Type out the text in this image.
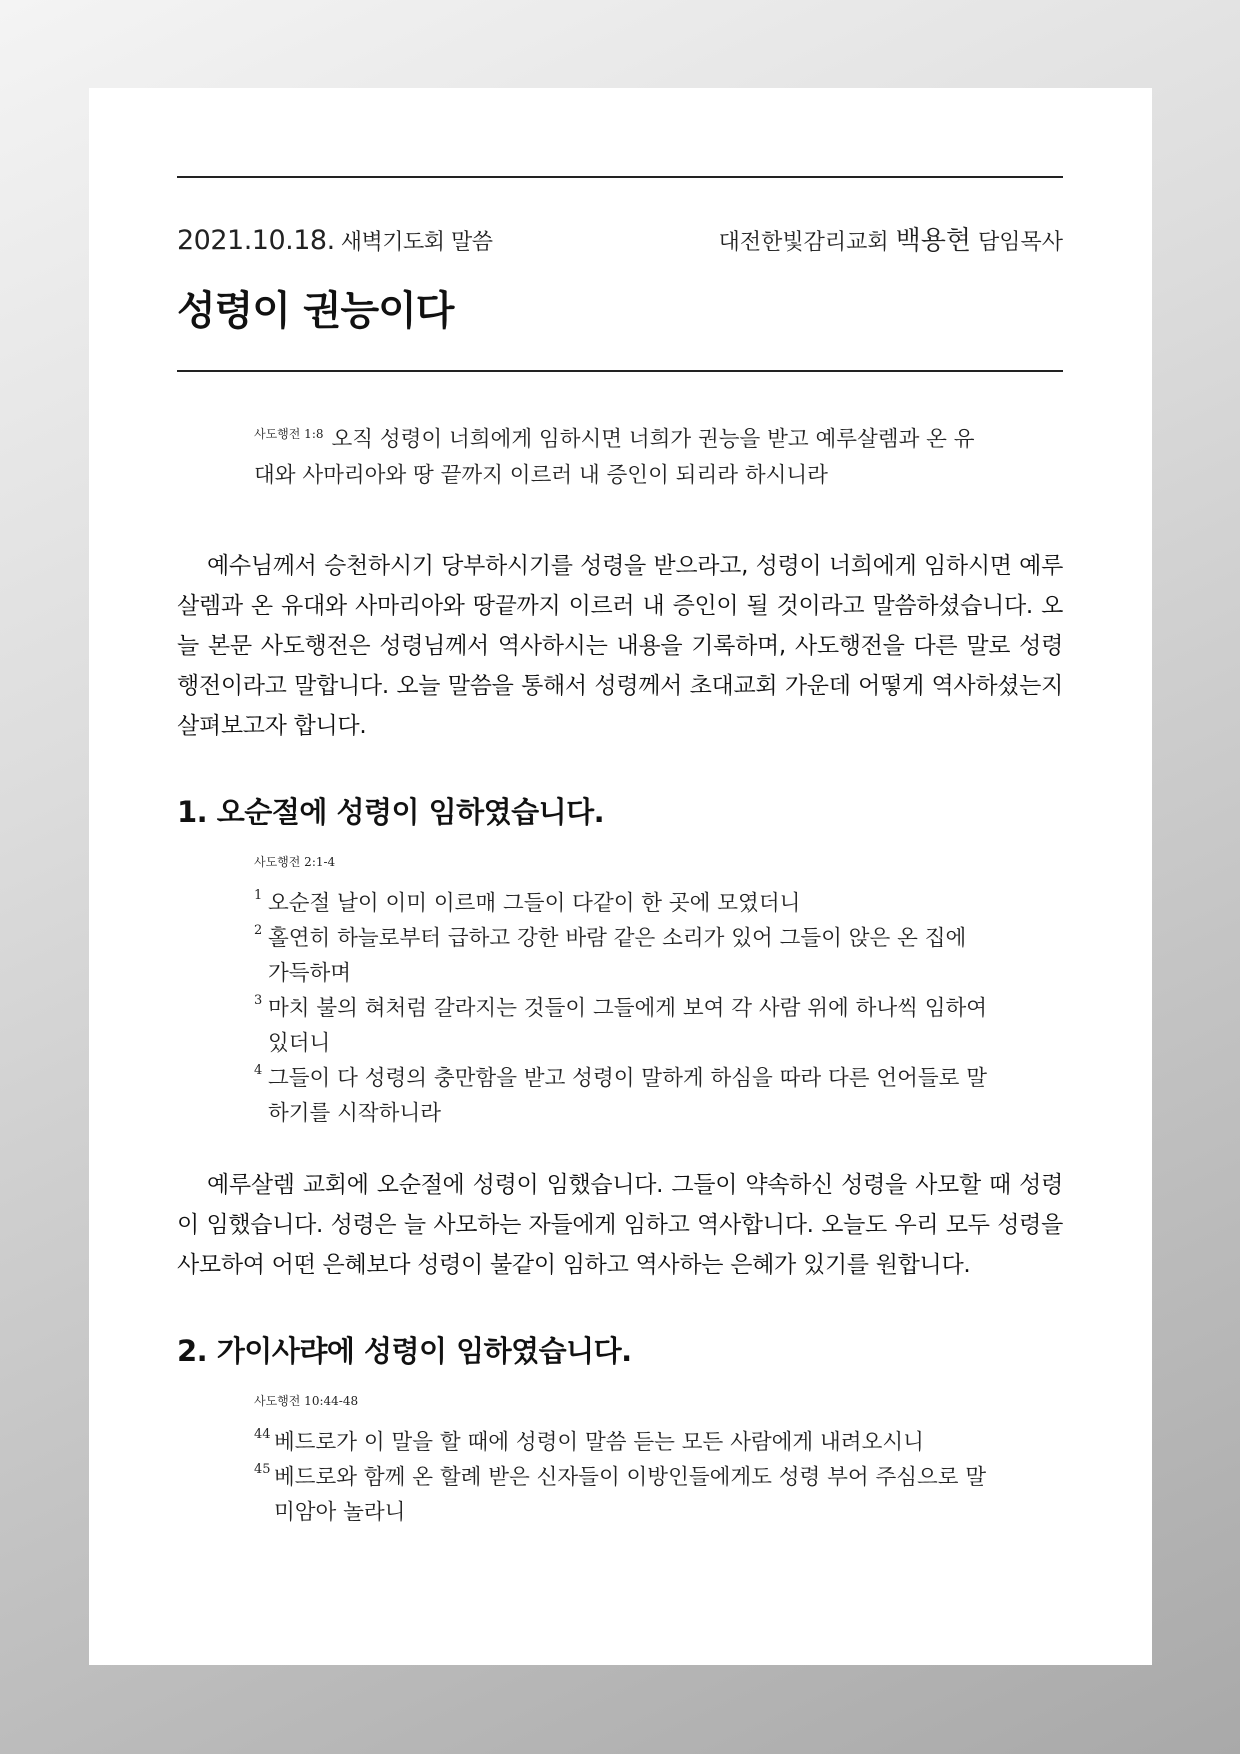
2021.10.18. 새벽기도회 말씀	대전한빛감리교회 백용현 담임목사
성령이 권능이다
$^{사도행전 1:8}$ 오직 성령이 너희에게 임하시면 너희가 권능을 받고 예루살렘과 온 유대와 사마리아와 땅 끝까지 이르러 내 증인이 되리라 하시니라

예수님께서 승천하시기 당부하시기를 성령을 받으라고, 성령이 너희에게 임하시면 예루살렘과 온 유대와 사마리아와 땅끝까지 이르러 내 증인이 될 것이라고 말씀하셨습니다. 오늘 본문 사도행전은 성령님께서 역사하시는 내용을 기록하며, 사도행전을 다른 말로 성령행전이라고 말합니다. 오늘 말씀을 통해서 성령께서 초대교회 가운데 어떻게 역사하셨는지 살펴보고자 합니다.

1. 오순절에 성령이 임하였습니다.
사도행전 2:1-4
1 오순절 날이 이미 이르매 그들이 다같이 한 곳에 모였더니
2 홀연히 하늘로부터 급하고 강한 바람 같은 소리가 있어 그들이 앉은 온 집에 가득하며
3 마치 불의 혀처럼 갈라지는 것들이 그들에게 보여 각 사람 위에 하나씩 임하여 있더니
4 그들이 다 성령의 충만함을 받고 성령이 말하게 하심을 따라 다른 언어들로 말하기를 시작하니라

예루살렘 교회에 오순절에 성령이 임했습니다. 그들이 약속하신 성령을 사모할 때 성령이 임했습니다. 성령은 늘 사모하는 자들에게 임하고 역사합니다. 오늘도 우리 모두 성령을 사모하여 어떤 은혜보다 성령이 불같이 임하고 역사하는 은혜가 있기를 원합니다.

2. 가이사랴에 성령이 임하였습니다.
사도행전 10:44-48
44 베드로가 이 말을 할 때에 성령이 말씀 듣는 모든 사람에게 내려오시니
45 베드로와 함께 온 할례 받은 신자들이 이방인들에게도 성령 부어 주심으로 말미암아 놀라니
